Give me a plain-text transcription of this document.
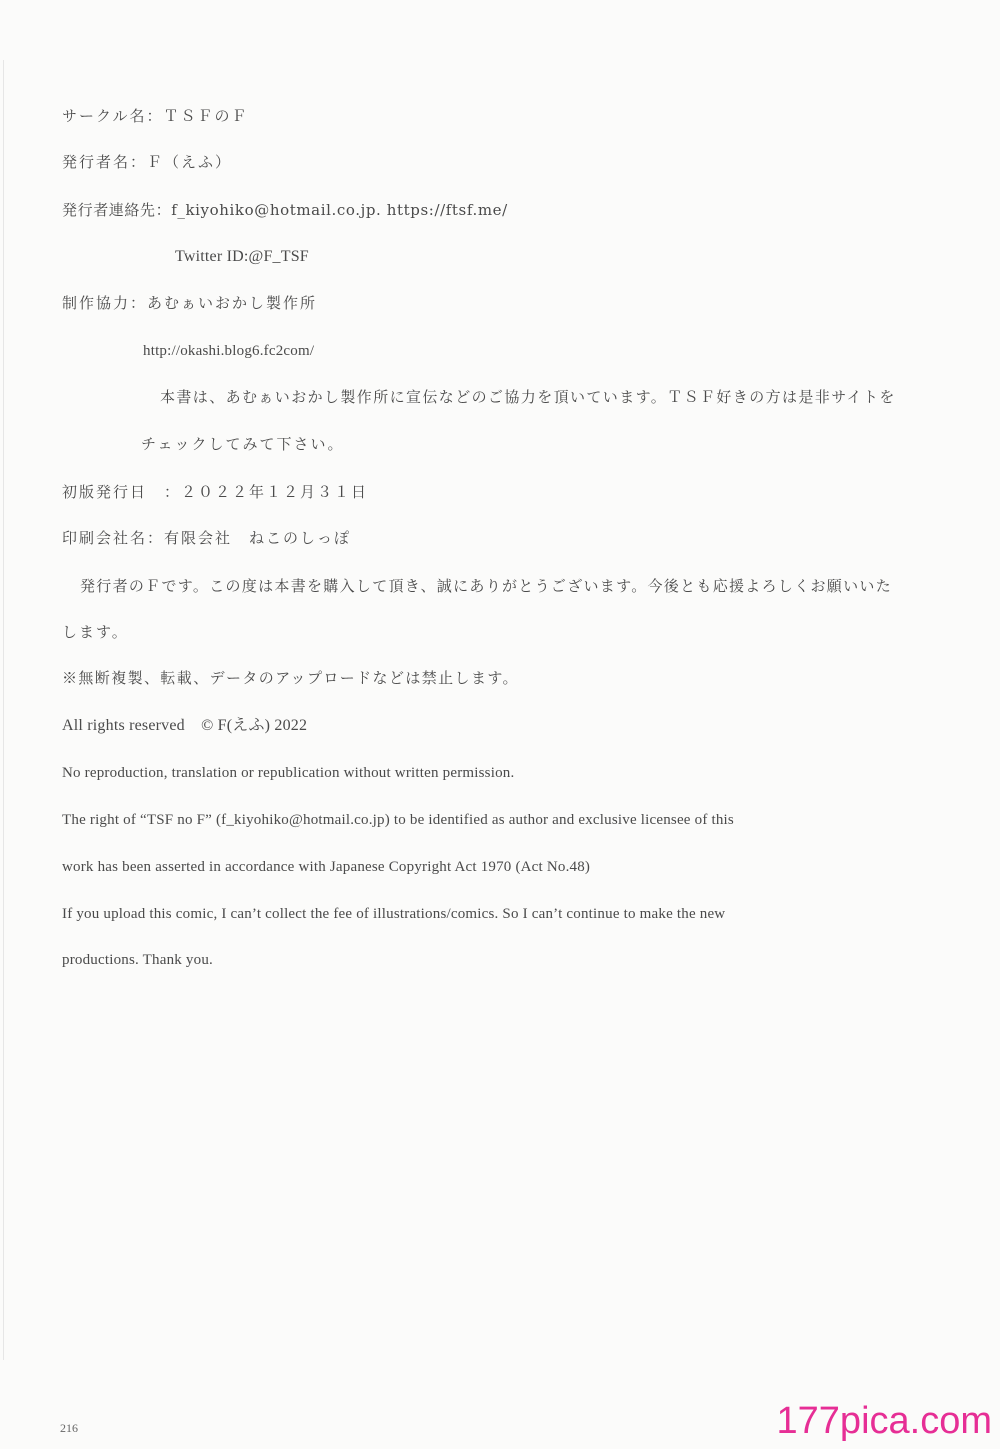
サークル名：ＴＳＦのＦ
発行者名：Ｆ（えふ）
発行者連絡先：f_kiyohiko@hotmail.co.jp. https://ftsf.me/
Twitter ID:@F_TSF
制作協力：あむぁいおかし製作所
http://okashi.blog6.fc2com/
本書は、あむぁいおかし製作所に宣伝などのご協力を頂いています。ＴＳＦ好きの方は是非サイトを
チェックしてみて下さい。
初版発行日　：２０２２年１２月３１日
印刷会社名：有限会社　ねこのしっぽ
発行者のＦです。この度は本書を購入して頂き、誠にありがとうございます。今後とも応援よろしくお願いいた
します。
※無断複製、転載、データのアップロードなどは禁止します。
All rights reserved　© F(えふ) 2022
No reproduction, translation or republication without written permission.
The right of “TSF no F” (f_kiyohiko@hotmail.co.jp) to be identified as author and exclusive licensee of this
work has been asserted in accordance with Japanese Copyright Act 1970 (Act No.48)
If you upload this comic, I can’t collect the fee of illustrations/comics. So I can’t continue to make the new
productions. Thank you.
216	177pica.com
